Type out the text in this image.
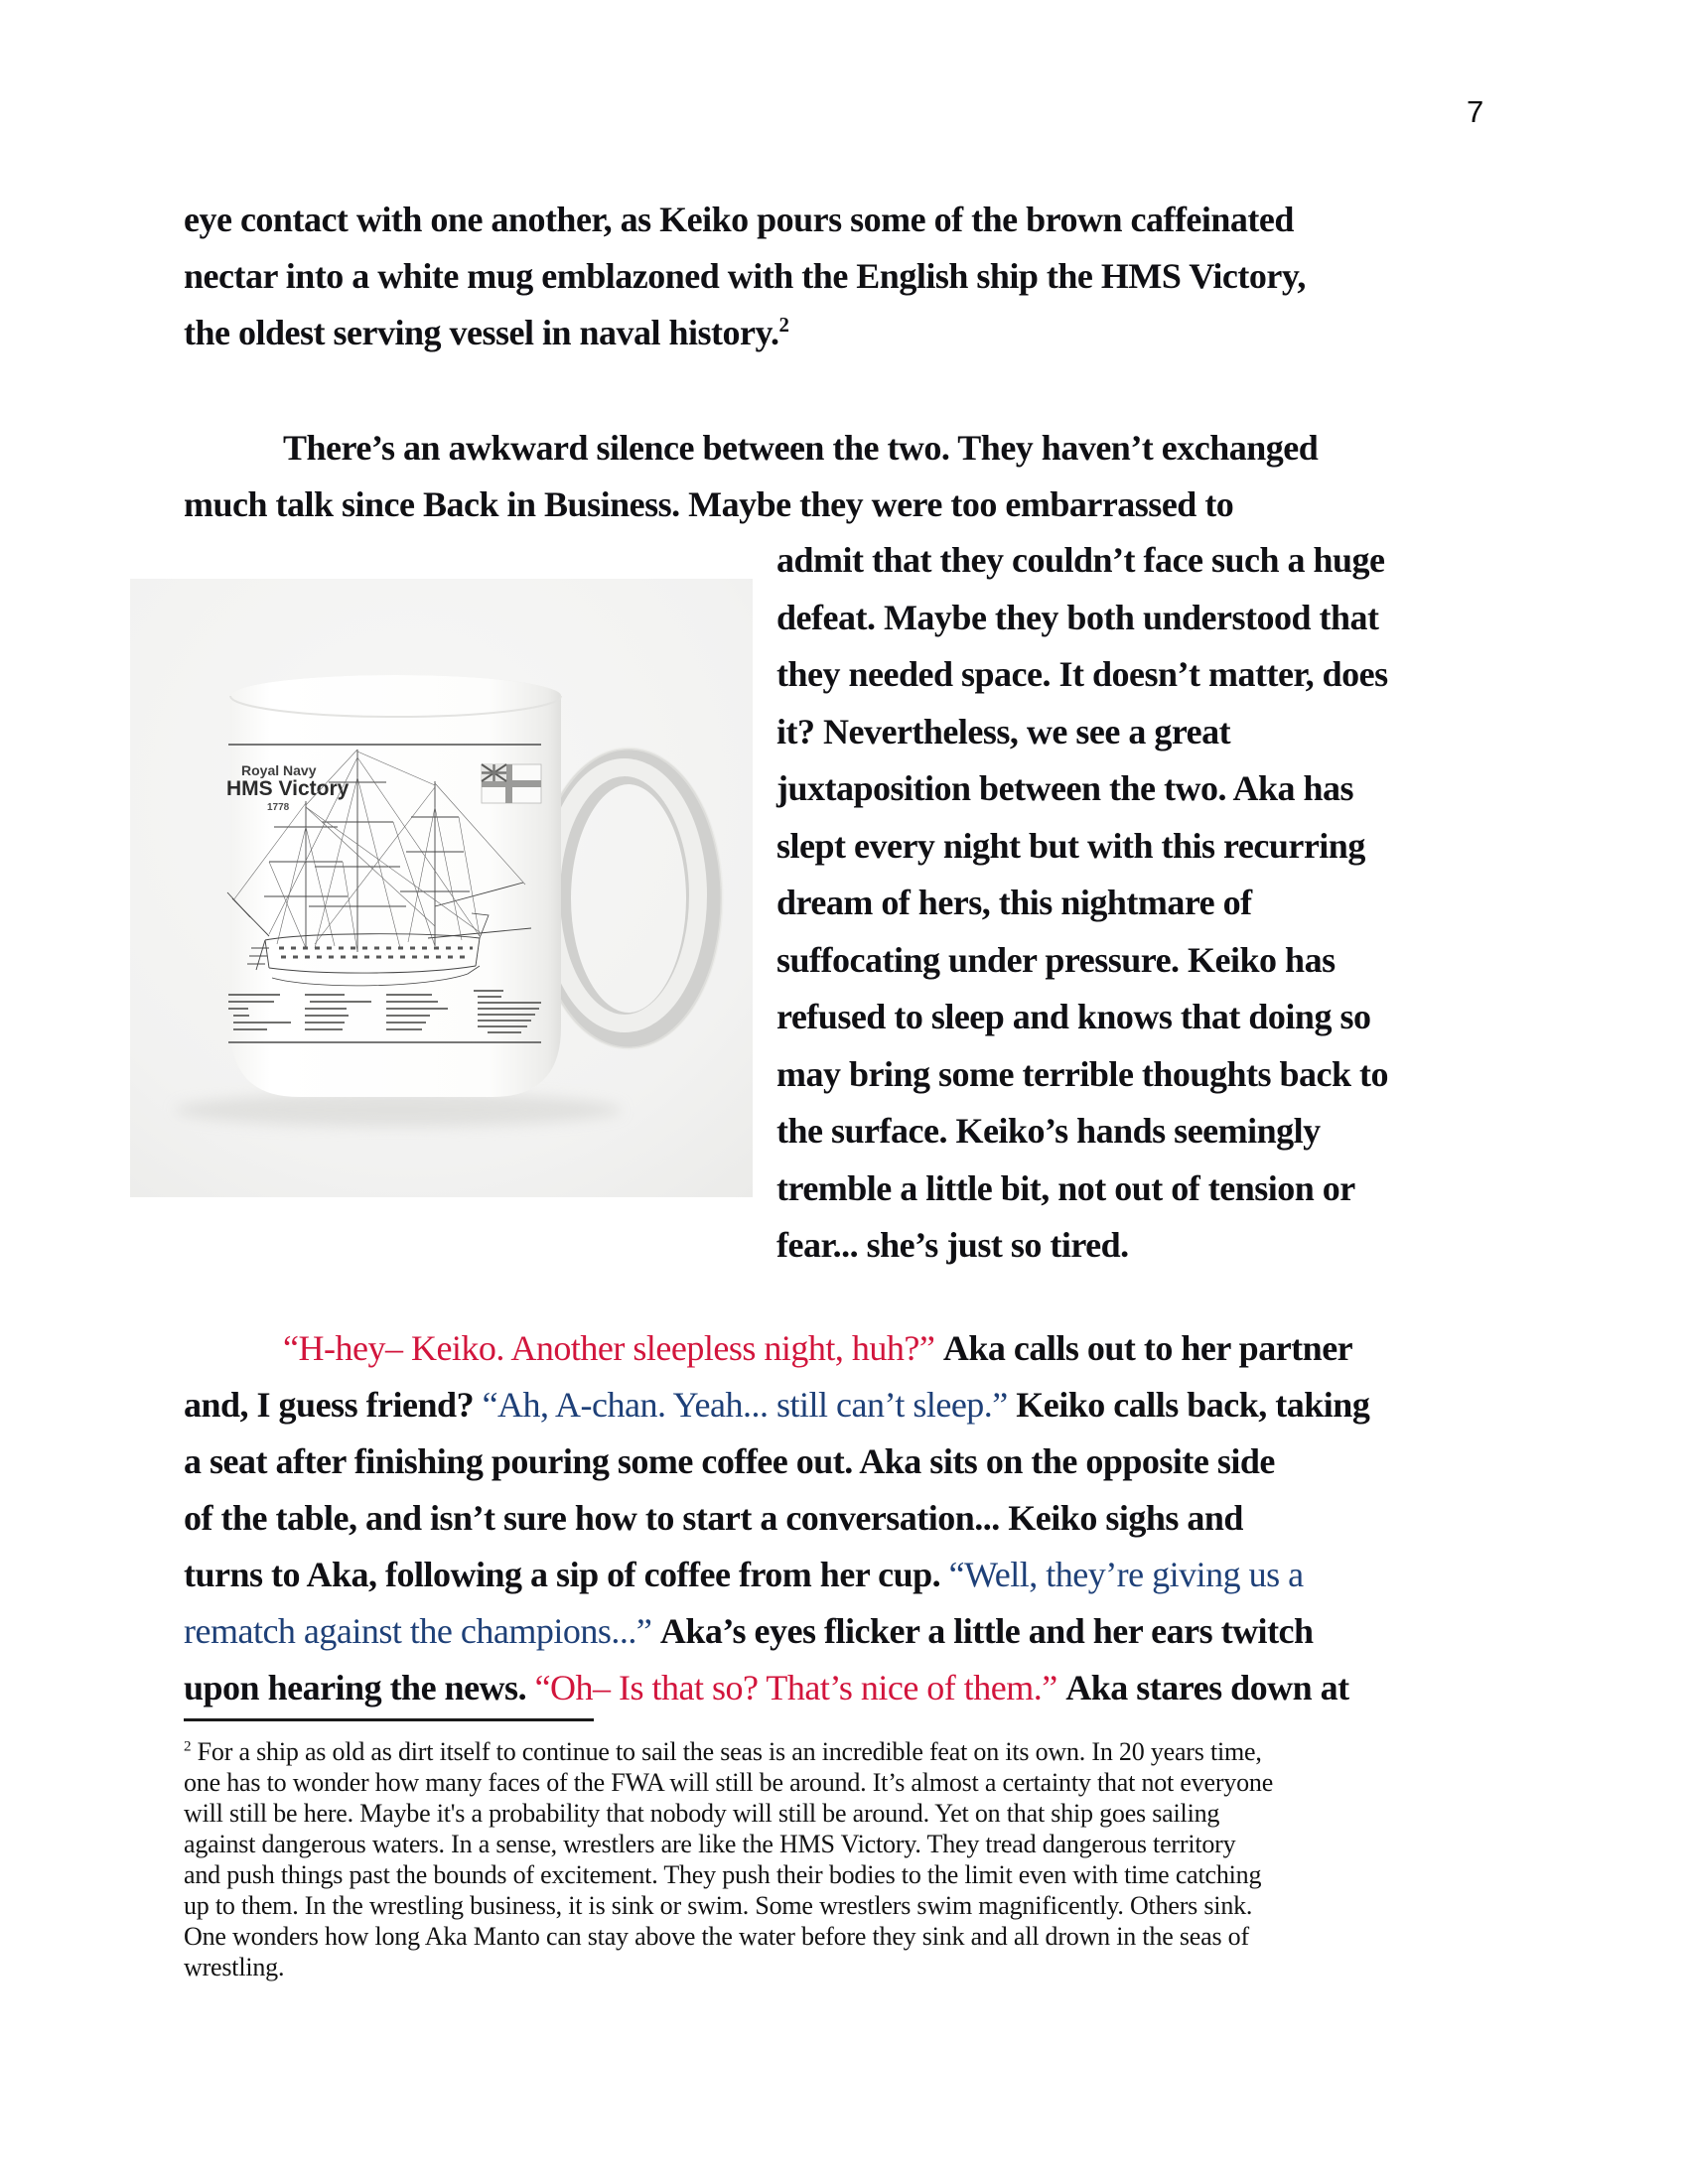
7
eye contact with one another, as Keiko pours some of the brown caffeinated
nectar into a white mug emblazoned with the English ship the HMS Victory,
the oldest serving vessel in naval history.$^2$
There’s an awkward silence between the two. They haven’t exchanged
much talk since Back in Business. Maybe they were too embarrassed to
Royal Navy
HMS Victory
1778
admit that they couldn’t face such a huge
defeat. Maybe they both understood that
they needed space. It doesn’t matter, does
it? Nevertheless, we see a great
juxtaposition between the two. Aka has
slept every night but with this recurring
dream of hers, this nightmare of
suffocating under pressure. Keiko has
refused to sleep and knows that doing so
may bring some terrible thoughts back to
the surface. Keiko’s hands seemingly
tremble a little bit, not out of tension or
fear... she’s just so tired.
“H-hey– Keiko. Another sleepless night, huh?” Aka calls out to her partner
and, I guess friend? “Ah, A-chan. Yeah... still can’t sleep.” Keiko calls back, taking
a seat after finishing pouring some coffee out. Aka sits on the opposite side
of the table, and isn’t sure how to start a conversation... Keiko sighs and
turns to Aka, following a sip of coffee from her cup. “Well, they’re giving us a
rematch against the champions...” Aka’s eyes flicker a little and her ears twitch
upon hearing the news. “Oh– Is that so? That’s nice of them.” Aka stares down at
$^2$ For a ship as old as dirt itself to continue to sail the seas is an incredible feat on its own. In 20 years time,
one has to wonder how many faces of the FWA will still be around. It’s almost a certainty that not everyone
will still be here. Maybe it's a probability that nobody will still be around. Yet on that ship goes sailing
against dangerous waters. In a sense, wrestlers are like the HMS Victory. They tread dangerous territory
and push things past the bounds of excitement. They push their bodies to the limit even with time catching
up to them. In the wrestling business, it is sink or swim. Some wrestlers swim magnificently. Others sink.
One wonders how long Aka Manto can stay above the water before they sink and all drown in the seas of
wrestling.
